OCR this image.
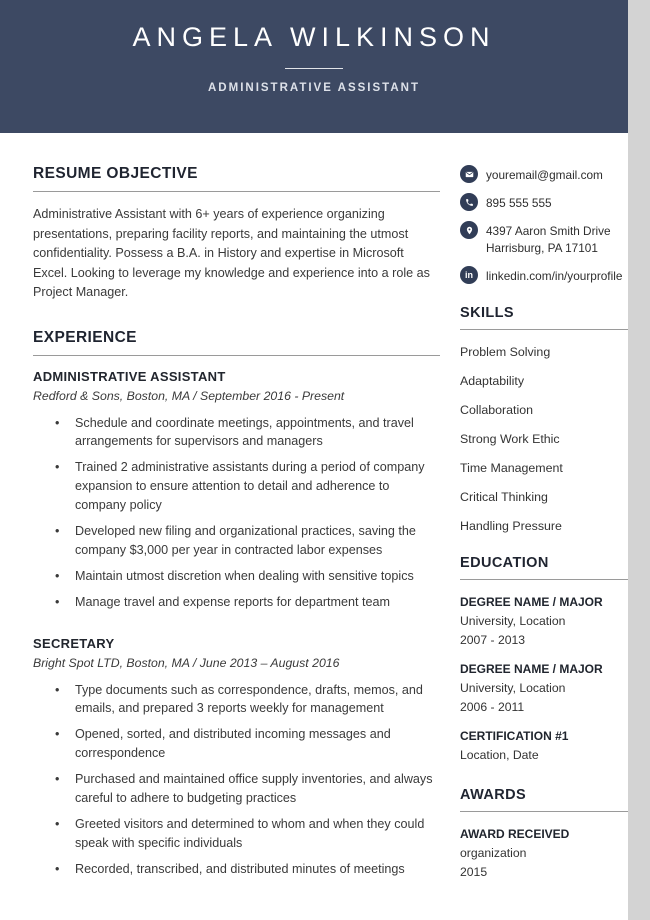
ANGELA WILKINSON
ADMINISTRATIVE ASSISTANT
RESUME OBJECTIVE

Administrative Assistant with 6+ years of experience organizing presentations, preparing facility reports, and maintaining the utmost confidentiality. Possess a B.A. in History and expertise in Microsoft Excel. Looking to leverage my knowledge and experience into a role as Project Manager.

EXPERIENCE
ADMINISTRATIVE ASSISTANT
Redford & Sons, Boston, MA / September 2016 - Present
• Schedule and coordinate meetings, appointments, and travel arrangements for supervisors and managers
• Trained 2 administrative assistants during a period of company expansion to ensure attention to detail and adherence to company policy
• Developed new filing and organizational practices, saving the company $3,000 per year in contracted labor expenses
• Maintain utmost discretion when dealing with sensitive topics
• Manage travel and expense reports for department team
SECRETARY
Bright Spot LTD, Boston, MA / June 2013 – August 2016
• Type documents such as correspondence, drafts, memos, and emails, and prepared 3 reports weekly for management
• Opened, sorted, and distributed incoming messages and correspondence
• Purchased and maintained office supply inventories, and always careful to adhere to budgeting practices
• Greeted visitors and determined to whom and when they could speak with specific individuals
• Recorded, transcribed, and distributed minutes of meetings
youremail@gmail.com
895 555 555
4397 Aaron Smith Drive
Harrisburg, PA 17101
in linkedin.com/in/yourprofile
SKILLS
Problem Solving
Adaptability
Collaboration
Strong Work Ethic
Time Management
Critical Thinking
Handling Pressure
EDUCATION
DEGREE NAME / MAJOR
University, Location
2007 - 2013
DEGREE NAME / MAJOR
University, Location
2006 - 2011
CERTIFICATION #1
Location, Date
AWARDS
AWARD RECEIVED
organization
2015
